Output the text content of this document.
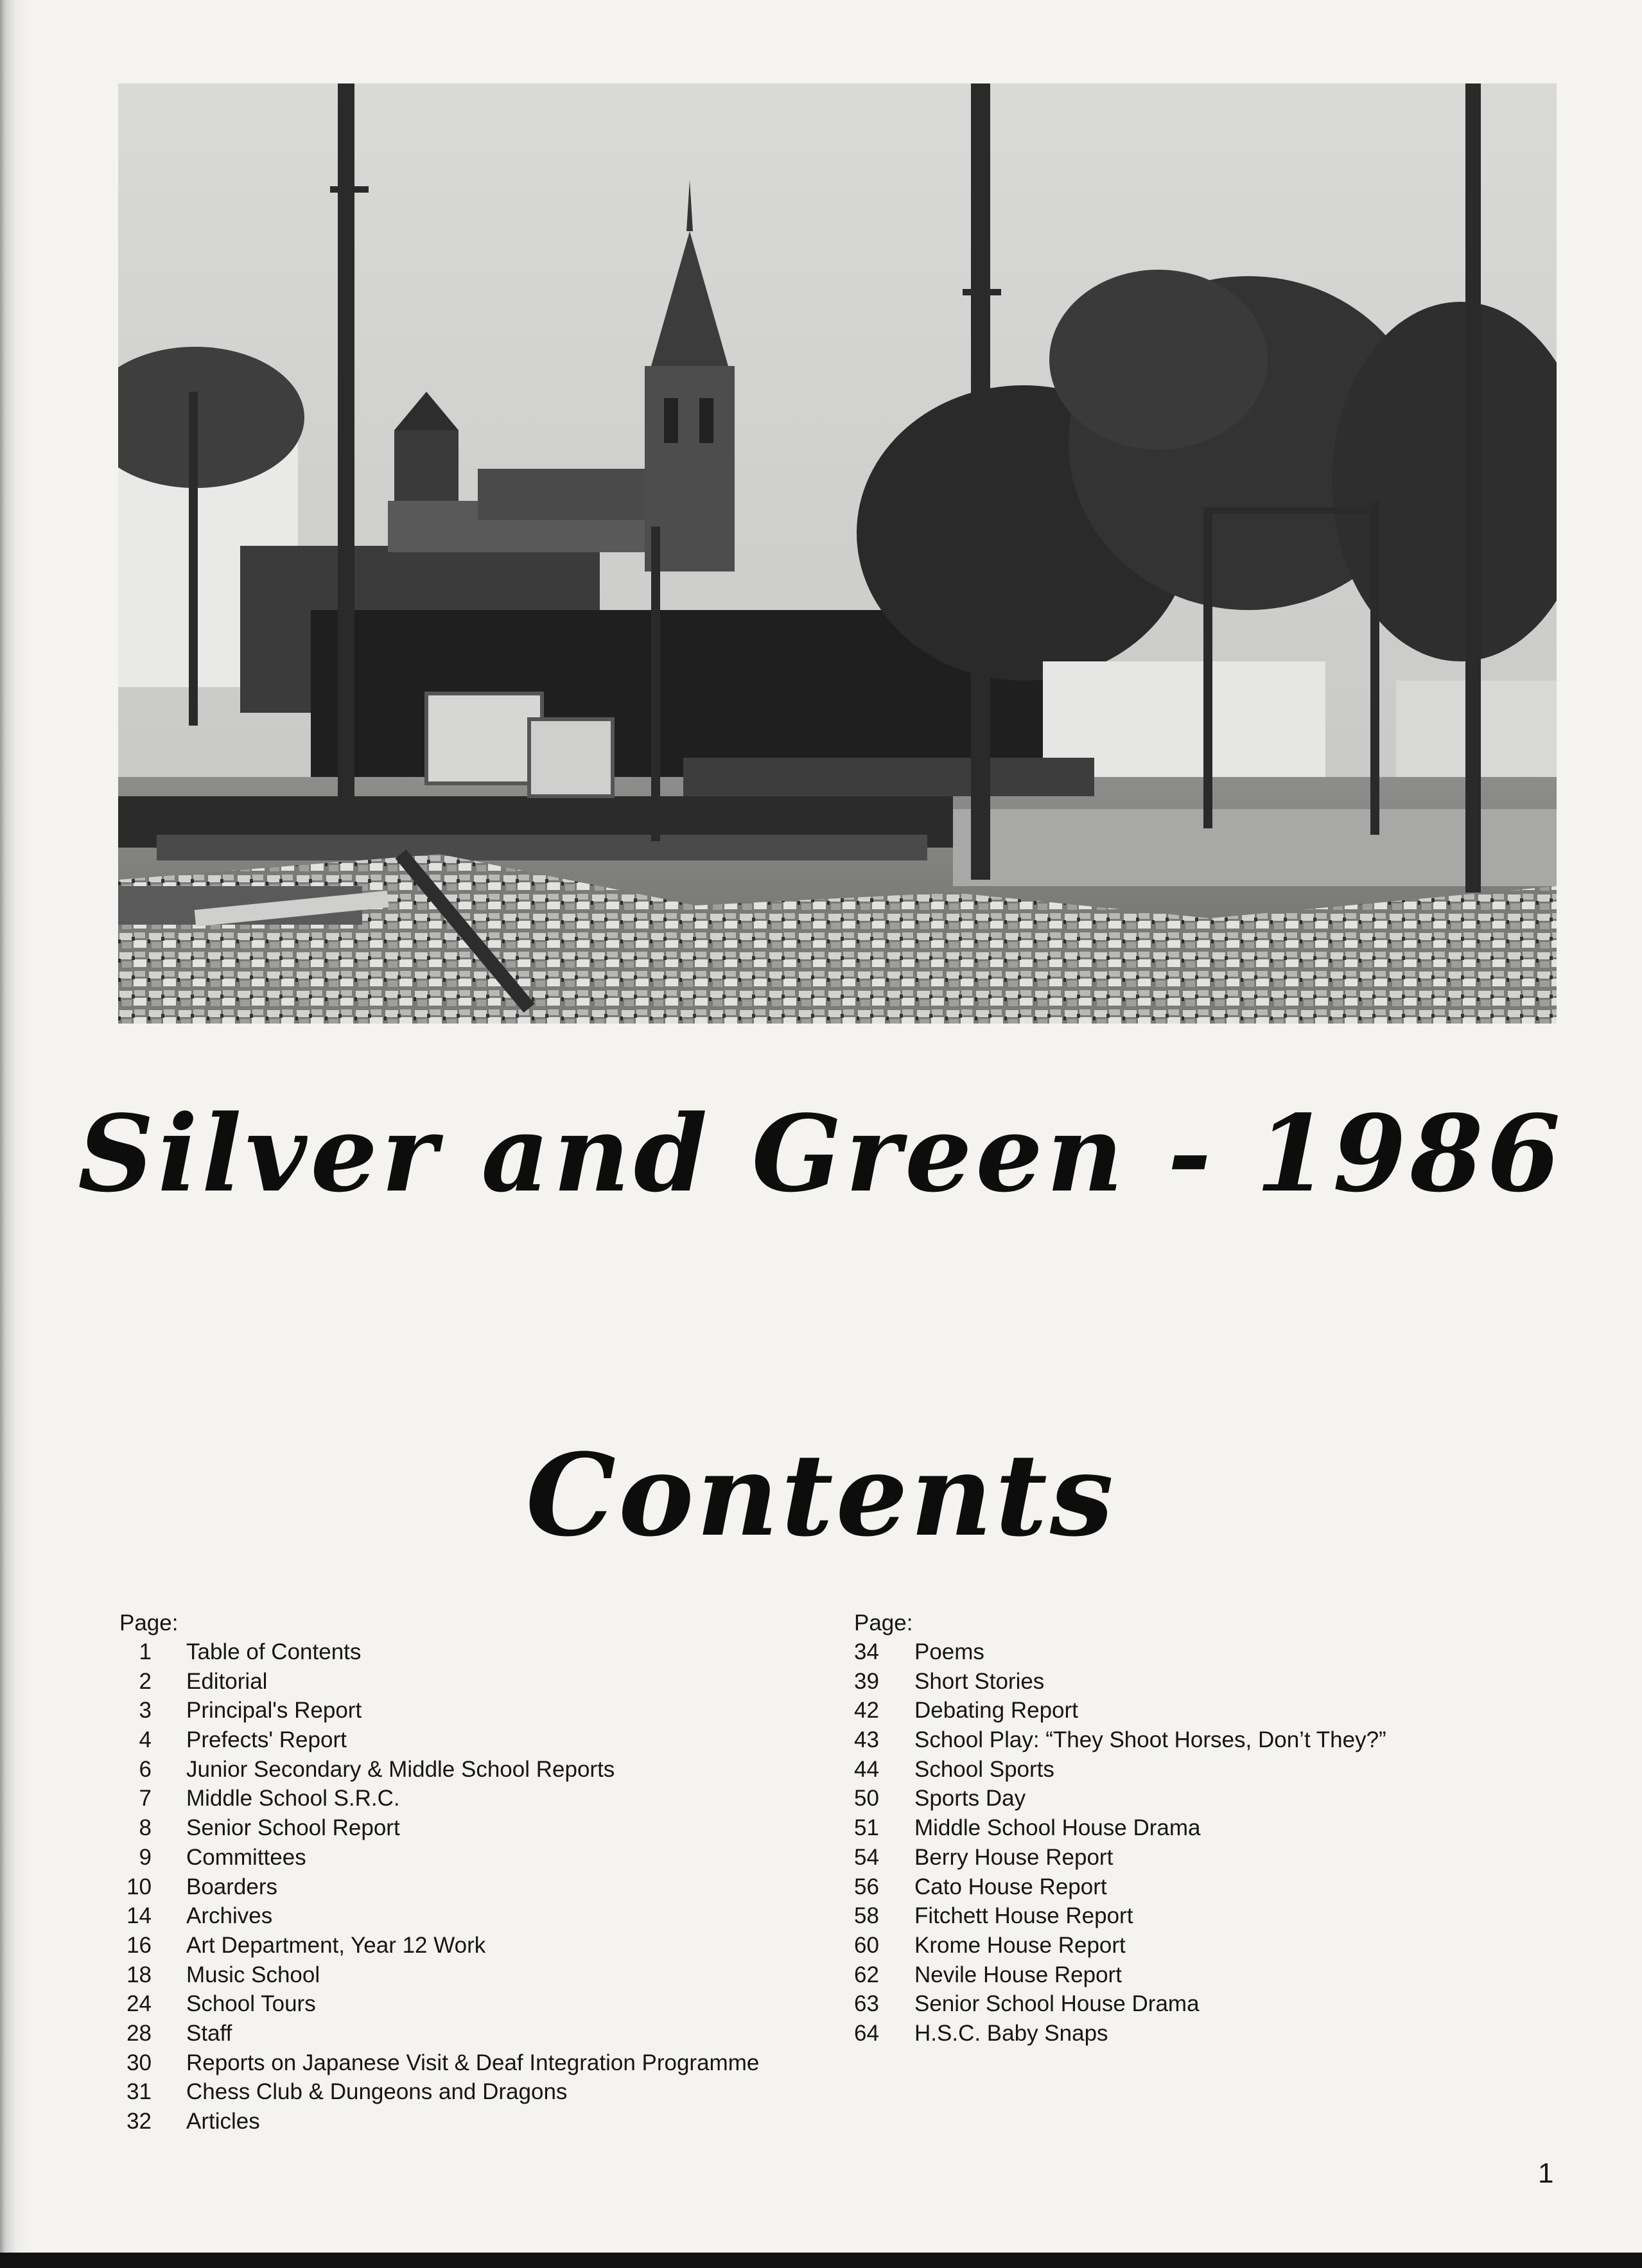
Silver and Green - 1986
Contents
Page:
1	Table of Contents
2	Editorial
3	Principal's Report
4	Prefects' Report
6	Junior Secondary & Middle School Reports
7	Middle School S.R.C.
8	Senior School Report
9	Committees
10	Boarders
14	Archives
16	Art Department, Year 12 Work
18	Music School
24	School Tours
28	Staff
30	Reports on Japanese Visit & Deaf Integration Programme
31	Chess Club & Dungeons and Dragons
32	Articles
Page:
34	Poems
39	Short Stories
42	Debating Report
43	School Play: “They Shoot Horses, Don’t They?”
44	School Sports
50	Sports Day
51	Middle School House Drama
54	Berry House Report
56	Cato House Report
58	Fitchett House Report
60	Krome House Report
62	Nevile House Report
63	Senior School House Drama
64	H.S.C. Baby Snaps
1
